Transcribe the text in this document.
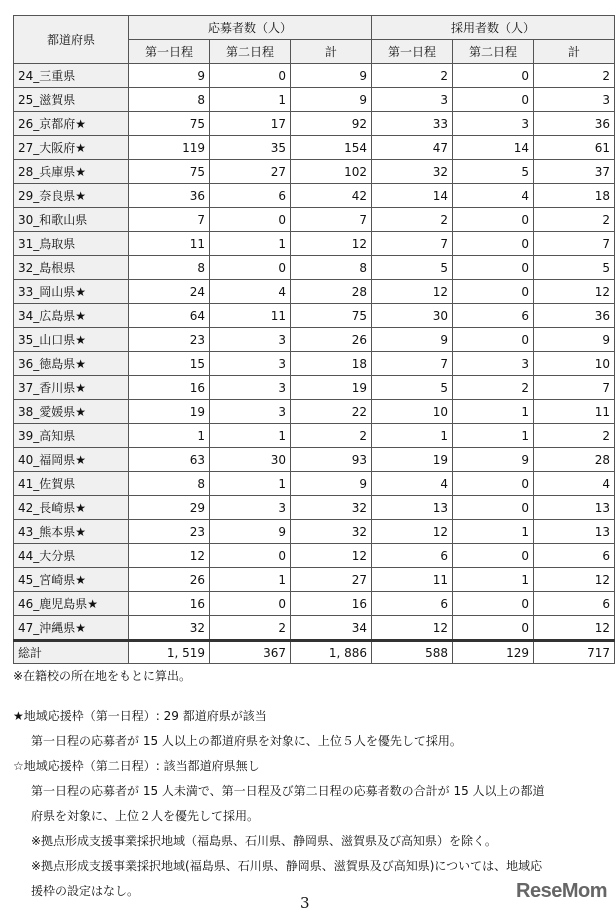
都道府県	応募者数（人）			採用者数（人）		
	第一日程	第二日程	計	第一日程	第二日程	計
24_三重県	9	0	9	2	0	2
25_滋賀県	8	1	9	3	0	3
26_京都府★	75	17	92	33	3	36
27_大阪府★	119	35	154	47	14	61
28_兵庫県★	75	27	102	32	5	37
29_奈良県★	36	6	42	14	4	18
30_和歌山県	7	0	7	2	0	2
31_鳥取県	11	1	12	7	0	7
32_島根県	8	0	8	5	0	5
33_岡山県★	24	4	28	12	0	12
34_広島県★	64	11	75	30	6	36
35_山口県★	23	3	26	9	0	9
36_徳島県★	15	3	18	7	3	10
37_香川県★	16	3	19	5	2	7
38_愛媛県★	19	3	22	10	1	11
39_高知県	1	1	2	1	1	2
40_福岡県★	63	30	93	19	9	28
41_佐賀県	8	1	9	4	0	4
42_長崎県★	29	3	32	13	0	13
43_熊本県★	23	9	32	12	1	13
44_大分県	12	0	12	6	0	6
45_宮崎県★	26	1	27	11	1	12
46_鹿児島県★	16	0	16	6	0	6
47_沖縄県★	32	2	34	12	0	12
総計	1, 519	367	1, 886	588	129	717
※在籍校の所在地をもとに算出。
★地域応援枠（第一日程）: 29 都道府県が該当
第一日程の応募者が 15 人以上の都道府県を対象に、上位５人を優先して採用。
☆地域応援枠（第二日程）: 該当都道府県無し
第一日程の応募者が 15 人未満で、第一日程及び第二日程の応募者数の合計が 15 人以上の都道
府県を対象に、上位２人を優先して採用。
※拠点形成支援事業採択地域（福島県、石川県、静岡県、滋賀県及び高知県）を除く。
※拠点形成支援事業採択地域(福島県、石川県、静岡県、滋賀県及び高知県)については、地域応
援枠の設定はなし。
3
ReseMom
